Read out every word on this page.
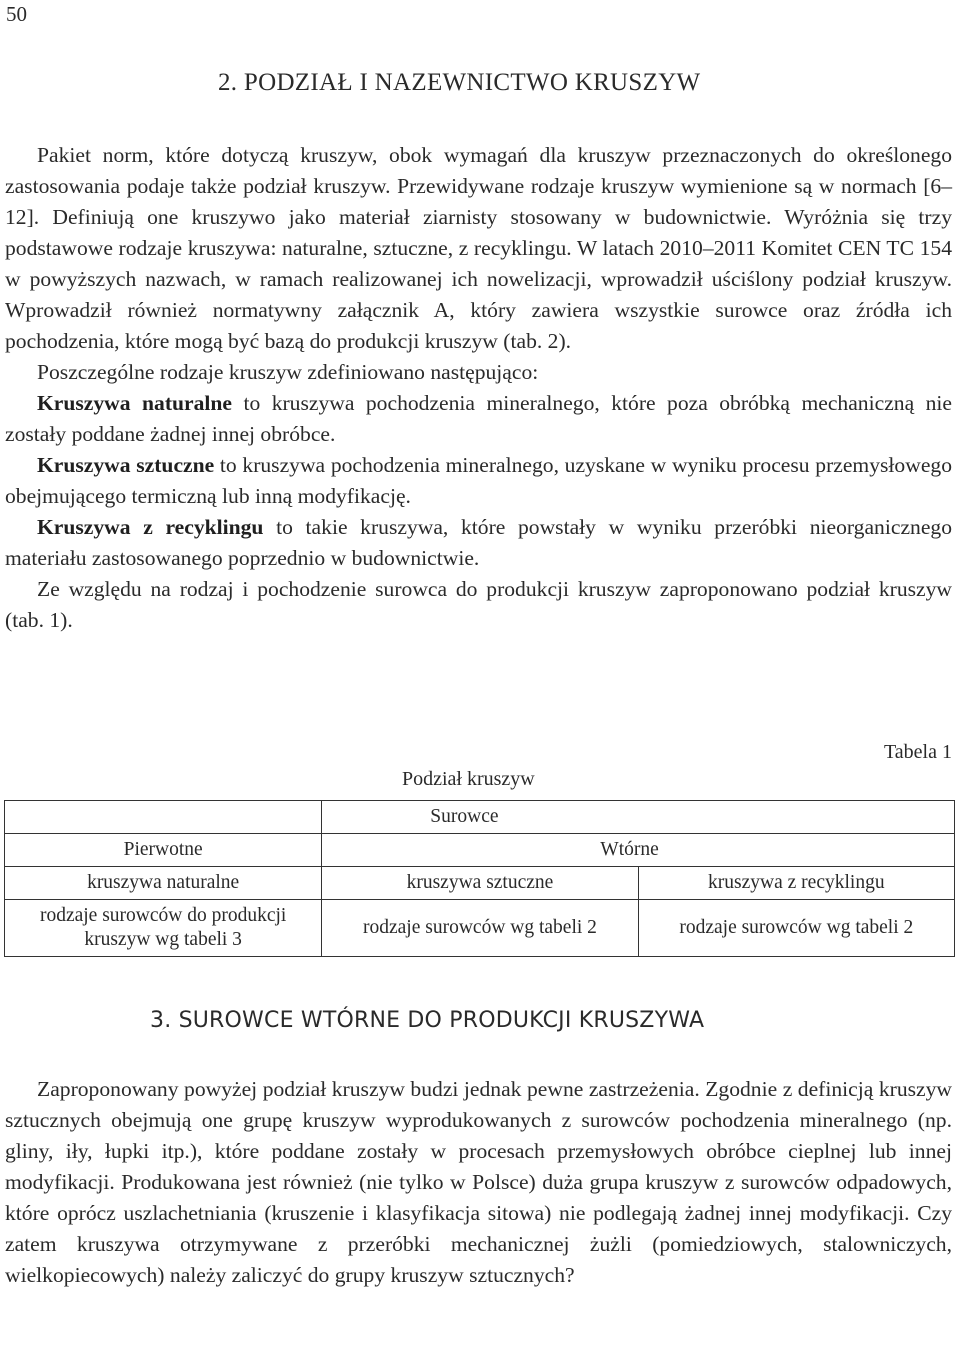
50
2. PODZIAŁ I NAZEWNICTWO KRUSZYW

Pakiet norm, które dotyczą kruszyw, obok wymagań dla kruszyw przeznaczonych do określonego zastosowania podaje także podział kruszyw. Przewidywane rodzaje kruszyw wymienione są w normach [6–12]. Definiują one kruszywo jako materiał ziarnisty stosowany w budownictwie. Wyróżnia się trzy podstawowe rodzaje kruszywa: naturalne, sztuczne, z recyklingu. W latach 2010–2011 Komitet CEN TC 154 w powyższych nazwach, w ramach realizowanej ich nowelizacji, wprowadził uściślony podział kruszyw. Wprowadził również normatywny załącznik A, który zawiera wszystkie surowce oraz źródła ich pochodzenia, które mogą być bazą do produkcji kruszyw (tab. 2).

Poszczególne rodzaje kruszyw zdefiniowano następująco:

Kruszywa naturalne to kruszywa pochodzenia mineralnego, które poza obróbką mechaniczną nie zostały poddane żadnej innej obróbce.

Kruszywa sztuczne to kruszywa pochodzenia mineralnego, uzyskane w wyniku procesu przemysłowego obejmującego termiczną lub inną modyfikację.

Kruszywa z recyklingu to takie kruszywa, które powstały w wyniku przeróbki nieorganicznego materiału zastosowanego poprzednio w budownictwie.

Ze względu na rodzaj i pochodzenie surowca do produkcji kruszyw zaproponowano podział kruszyw (tab. 1).

Tabela 1
Podział kruszyw
	Surowce	
Pierwotne	Wtórne	
kruszywa naturalne	kruszywa sztuczne	kruszywa z recyklingu
rodzaje surowców do produkcji kruszyw wg tabeli 3	rodzaje surowców wg tabeli 2	rodzaje surowców wg tabeli 2
3. SUROWCE WTÓRNE DO PRODUKCJI KRUSZYWA

Zaproponowany powyżej podział kruszyw budzi jednak pewne zastrzeżenia. Zgodnie z definicją kruszyw sztucznych obejmują one grupę kruszyw wyprodukowanych z surowców pochodzenia mineralnego (np. gliny, iły, łupki itp.), które poddane zostały w procesach przemysłowych obróbce cieplnej lub innej modyfikacji. Produkowana jest również (nie tylko w Polsce) duża grupa kruszyw z surowców odpadowych, które oprócz uszlachetniania (kruszenie i klasyfikacja sitowa) nie podlegają żadnej innej modyfikacji. Czy zatem kruszywa otrzymywane z przeróbki mechanicznej żużli (pomiedziowych, stalowniczych, wielkopiecowych) należy zaliczyć do grupy kruszyw sztucznych?
